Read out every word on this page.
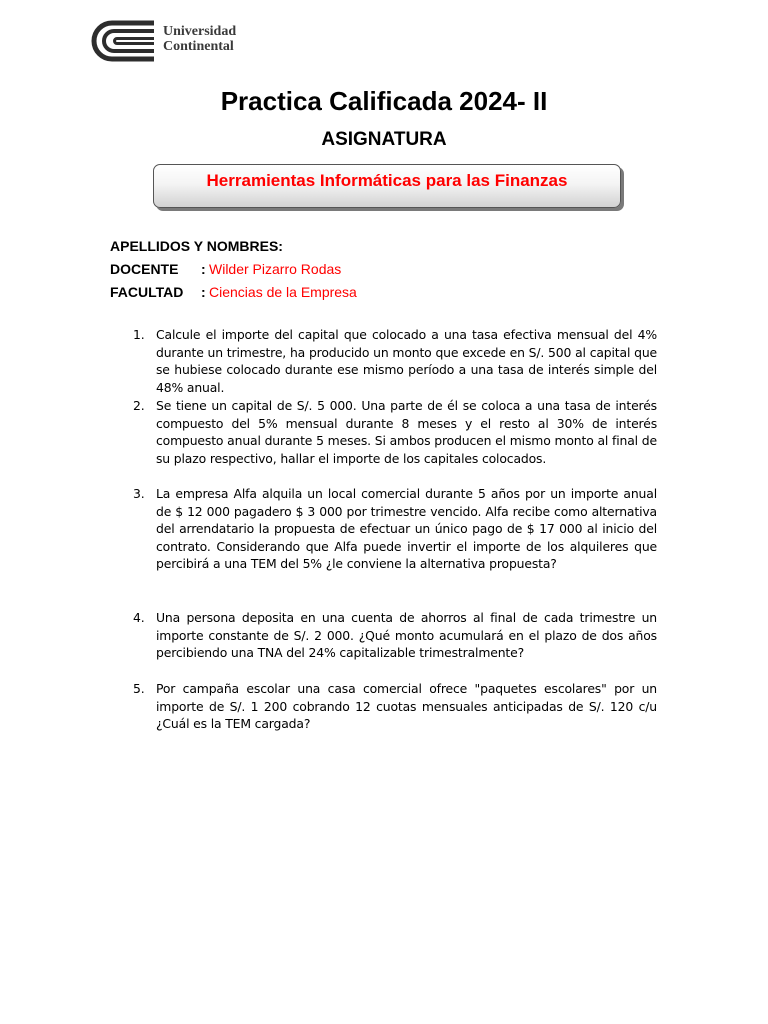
Universidad
Continental
Practica Calificada 2024- II
ASIGNATURA
Herramientas Informáticas para las Finanzas
APELLIDOS Y NOMBRES:
DOCENTE : Wilder Pizarro Rodas
FACULTAD : Ciencias de la Empresa
1. Calcule el importe del capital que colocado a una tasa efectiva mensual del 4% durante un trimestre, ha producido un monto que excede en S/. 500 al capital que se hubiese colocado durante ese mismo período a una tasa de interés simple del 48% anual.
2. Se tiene un capital de S/. 5 000. Una parte de él se coloca a una tasa de interés compuesto del 5% mensual durante 8 meses y el resto al 30% de interés compuesto anual durante 5 meses. Si ambos producen el mismo monto al final de su plazo respectivo, hallar el importe de los capitales colocados.
3. La empresa Alfa alquila un local comercial durante 5 años por un importe anual de $ 12 000 pagadero $ 3 000 por trimestre vencido. Alfa recibe como alternativa del arrendatario la propuesta de efectuar un único pago de $ 17 000 al inicio del contrato. Considerando que Alfa puede invertir el importe de los alquileres que percibirá a una TEM del 5% ¿le conviene la alternativa propuesta?
4. Una persona deposita en una cuenta de ahorros al final de cada trimestre un importe constante de S/. 2 000. ¿Qué monto acumulará en el plazo de dos años percibiendo una TNA del 24% capitalizable trimestralmente?
5. Por campaña escolar una casa comercial ofrece "paquetes escolares" por un importe de S/. 1 200 cobrando 12 cuotas mensuales anticipadas de S/. 120 c/u ¿Cuál es la TEM cargada?
